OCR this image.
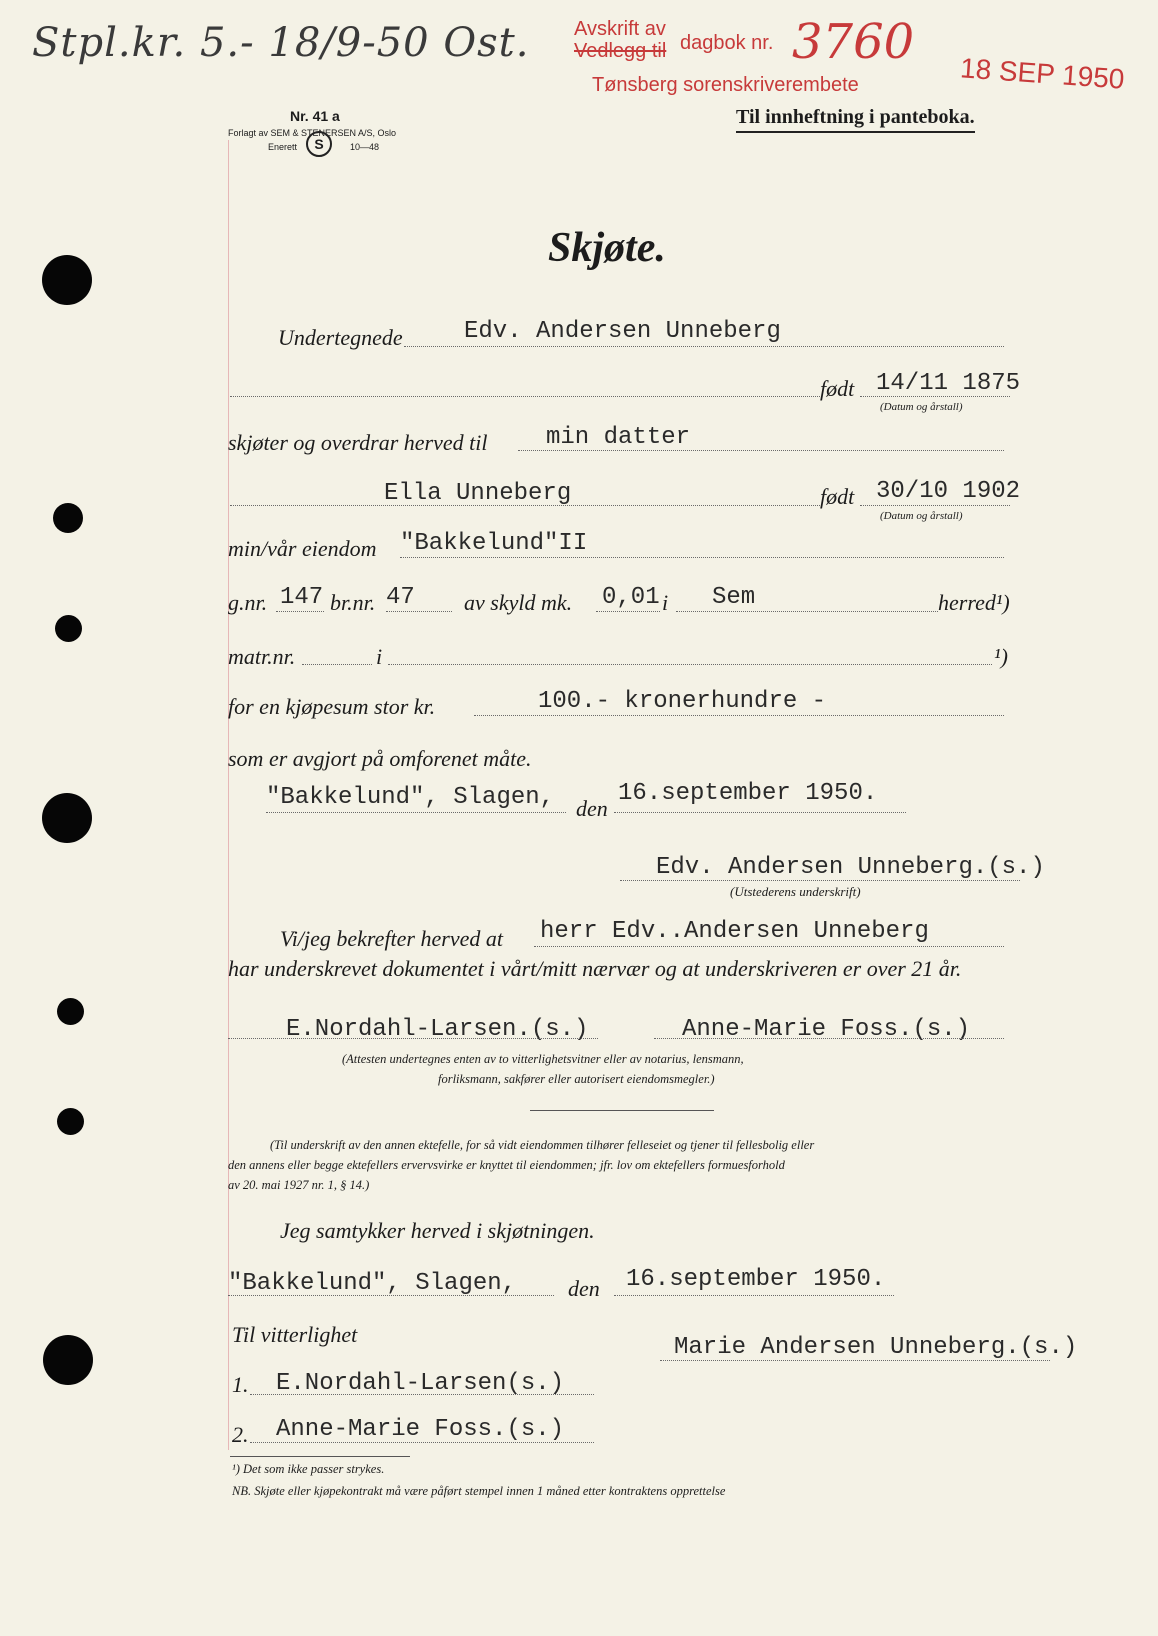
Stpl.kr. 5.- 18/9-50 Ost. Avskrift av
Vedlegg til dagbok nr. 3760
Tønsberg sorenskriverembete	18 SEP 1950
Nr. 41 a
Forlagt av SEM & STENERSEN A/S, Oslo
Enerett	S	10—48
Til innheftning i panteboka.
Skjøte.
Undertegnede	Edv. Andersen Unneberg
født 14/11 1875
(Datum og årstall)
skjøter og overdrar herved til min datter
Ella Unneberg	født 30/10 1902
(Datum og årstall)
min/vår eiendom "Bakkelund"II
g.nr. 147 br.nr. 47 av skyld mk. 0,01 i Sem	herred¹)
matr.nr.	i	¹)
for en kjøpesum stor kr.	100.- kronerhundre -
som er avgjort på omforenet måte.
"Bakkelund", Slagen, den
16.september 1950.
Edv. Andersen Unneberg.(s.)
(Utstederens underskrift)
Vi/jeg bekrefter herved at herr Edv..Andersen Unneberg
har underskrevet dokumentet i vårt/mitt nærvær og at underskriveren er over 21 år.
E.Nordahl-Larsen.(s.)	Anne-Marie Foss.(s.)
(Attesten undertegnes enten av to vitterlighetsvitner eller av notarius, lensmann,
forliksmann, sakfører eller autorisert eiendomsmegler.)
(Til underskrift av den annen ektefelle, for så vidt eiendommen tilhører felleseiet og tjener til fellesbolig eller
den annens eller begge ektefellers ervervsvirke er knyttet til eiendommen; jfr. lov om ektefellers formuesforhold
av 20. mai 1927 nr. 1, § 14.)
Jeg samtykker herved i skjøtningen.
"Bakkelund", Slagen, den 16.september 1950.
Til vitterlighet	Marie Andersen Unneberg.(s.)
1. E.Nordahl-Larsen(s.)
2. Anne-Marie Foss.(s.)
¹) Det som ikke passer strykes.
NB. Skjøte eller kjøpekontrakt må være påført stempel innen 1 måned etter kontraktens opprettelse
